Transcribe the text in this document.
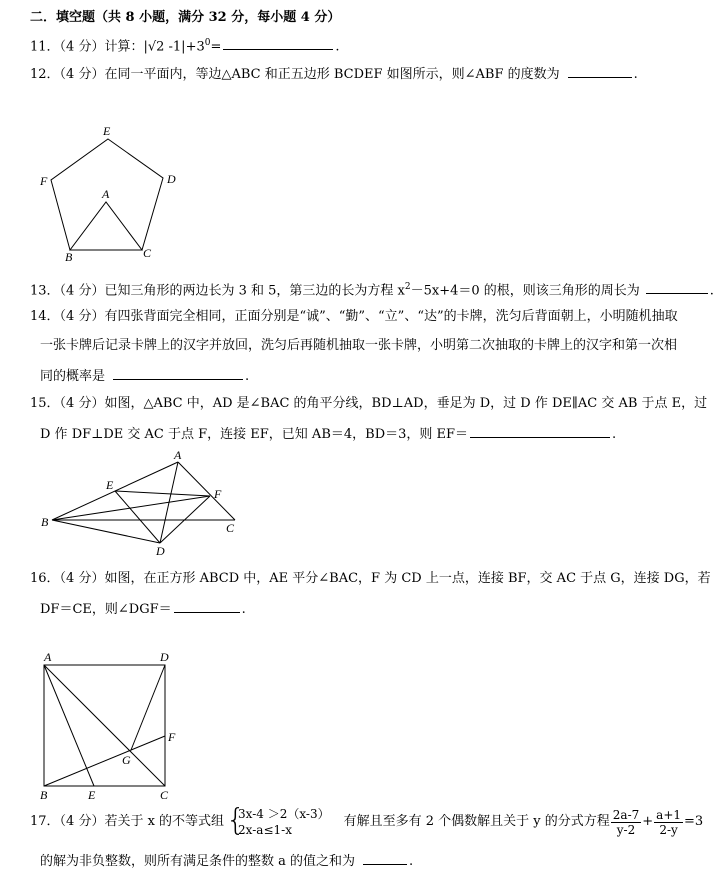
二．填空题（共 8 小题，满分 32 分，每小题 4 分）
11．（4 分）计算：|√2 $-1|+3^0=$	.
12．（4 分）在同一平面内，等边△ABC 和正五边形 BCDEF 如图所示，则∠ABF 的度数为	.
E
F	D
A
B	C
13．（4 分）已知三角形的两边长为 3 和 5，第三边的长为方程 $x^2-5x+4=0$ 的根，则该三角形的周长为	.
14．（4 分）有四张背面完全相同，正面分别是“诚”、“勤”、“立”、“达”的卡牌，洗匀后背面朝上，小明随机抽取
一张卡牌后记录卡牌上的汉字并放回，洗匀后再随机抽取一张卡牌，小明第二次抽取的卡牌上的汉字和第一次相
同的概率是	.
15．（4 分）如图，△ABC 中，AD 是∠BAC 的角平分线，BD⊥AD，垂足为 D，过 D 作 DE∥AC 交 AB 于点 E，过
D 作 DF⊥DE 交 AC 于点 F，连接 EF，已知 AB＝4，BD＝3，则 EF＝	.
A
E
F
B	C
D
16．（4 分）如图，在正方形 ABCD 中，AE 平分∠BAC，F 为 CD 上一点，连接 BF，交 AC 于点 G，连接 DG，若
DF＝CE，则∠DGF＝	.
A	D
F
G
B	E	C
17．（4 分）若关于 x 的不等式组 {
3x-4 ＞2（x-3）
2x-a≤1-x
有解且至多有 2 个偶数解且关于 y 的分式方程 $\frac{2a-7}{y-2} + \frac{a+1}{2-y} =3$
的解为非负整数，则所有满足条件的整数 a 的值之和为	.
